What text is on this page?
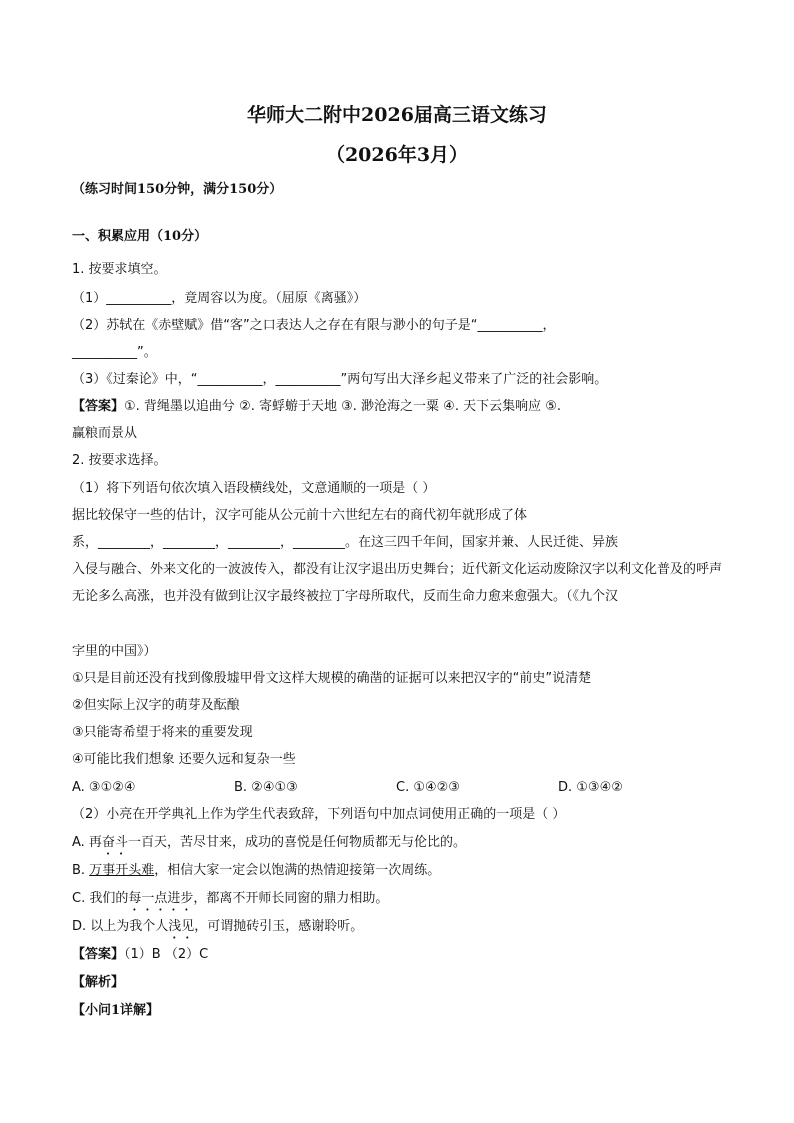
华师大二附中2026届高三语文练习
（2026年3月）
（练习时间150分钟，满分150分）
一、积累应用（10分）
1. 按要求填空。
（1）__________，竟周容以为度。（屈原《离骚》）
（2）苏轼在《赤壁赋》借“客”之口表达人之存在有限与渺小的句子是“__________，
__________”。
（3）《过秦论》中，“__________，__________”两句写出大泽乡起义带来了广泛的社会影响。
【答案】①. 背绳墨以追曲兮 ②. 寄蜉蝣于天地 ③. 渺沧海之一粟 ④. 天下云集响应 ⑤.
赢粮而景从
2. 按要求选择。
（1）将下列语句依次填入语段横线处，文意通顺的一项是（ ）
据比较保守一些的估计，汉字可能从公元前十六世纪左右的商代初年就形成了体
系，________，________，________，________。在这三四千年间，国家并兼、人民迁徙、异族
入侵与融合、外来文化的一波波传入，都没有让汉字退出历史舞台；近代新文化运动废除汉字以利文化普及的呼声无论多么高涨，也并没有做到让汉字最终被拉丁字母所取代，反而生命力愈来愈强大。（《九个汉
字里的中国》）
①只是目前还没有找到像殷墟甲骨文这样大规模的确凿的证据可以来把汉字的“前史”说清楚
②但实际上汉字的萌芽及酝酿
③只能寄希望于将来的重要发现
④可能比我们想象 还要久远和复杂一些
A. ③①②④	B. ②④①③	C. ①④②③	D. ①③④②
（2）小亮在开学典礼上作为学生代表致辞，下列语句中加点词使用正确的一项是（ ）
A. 再奋斗一百天，苦尽甘来，成功的喜悦是任何物质都无与伦比的。
B. 万事开头难，相信大家一定会以饱满的热情迎接第一次周练。
C. 我们的每一点进步，都离不开师长同窗的鼎力相助。
D. 以上为我个人浅见，可谓抛砖引玉，感谢聆听。
【答案】（1）B （2）C
【解析】
【小问1详解】
